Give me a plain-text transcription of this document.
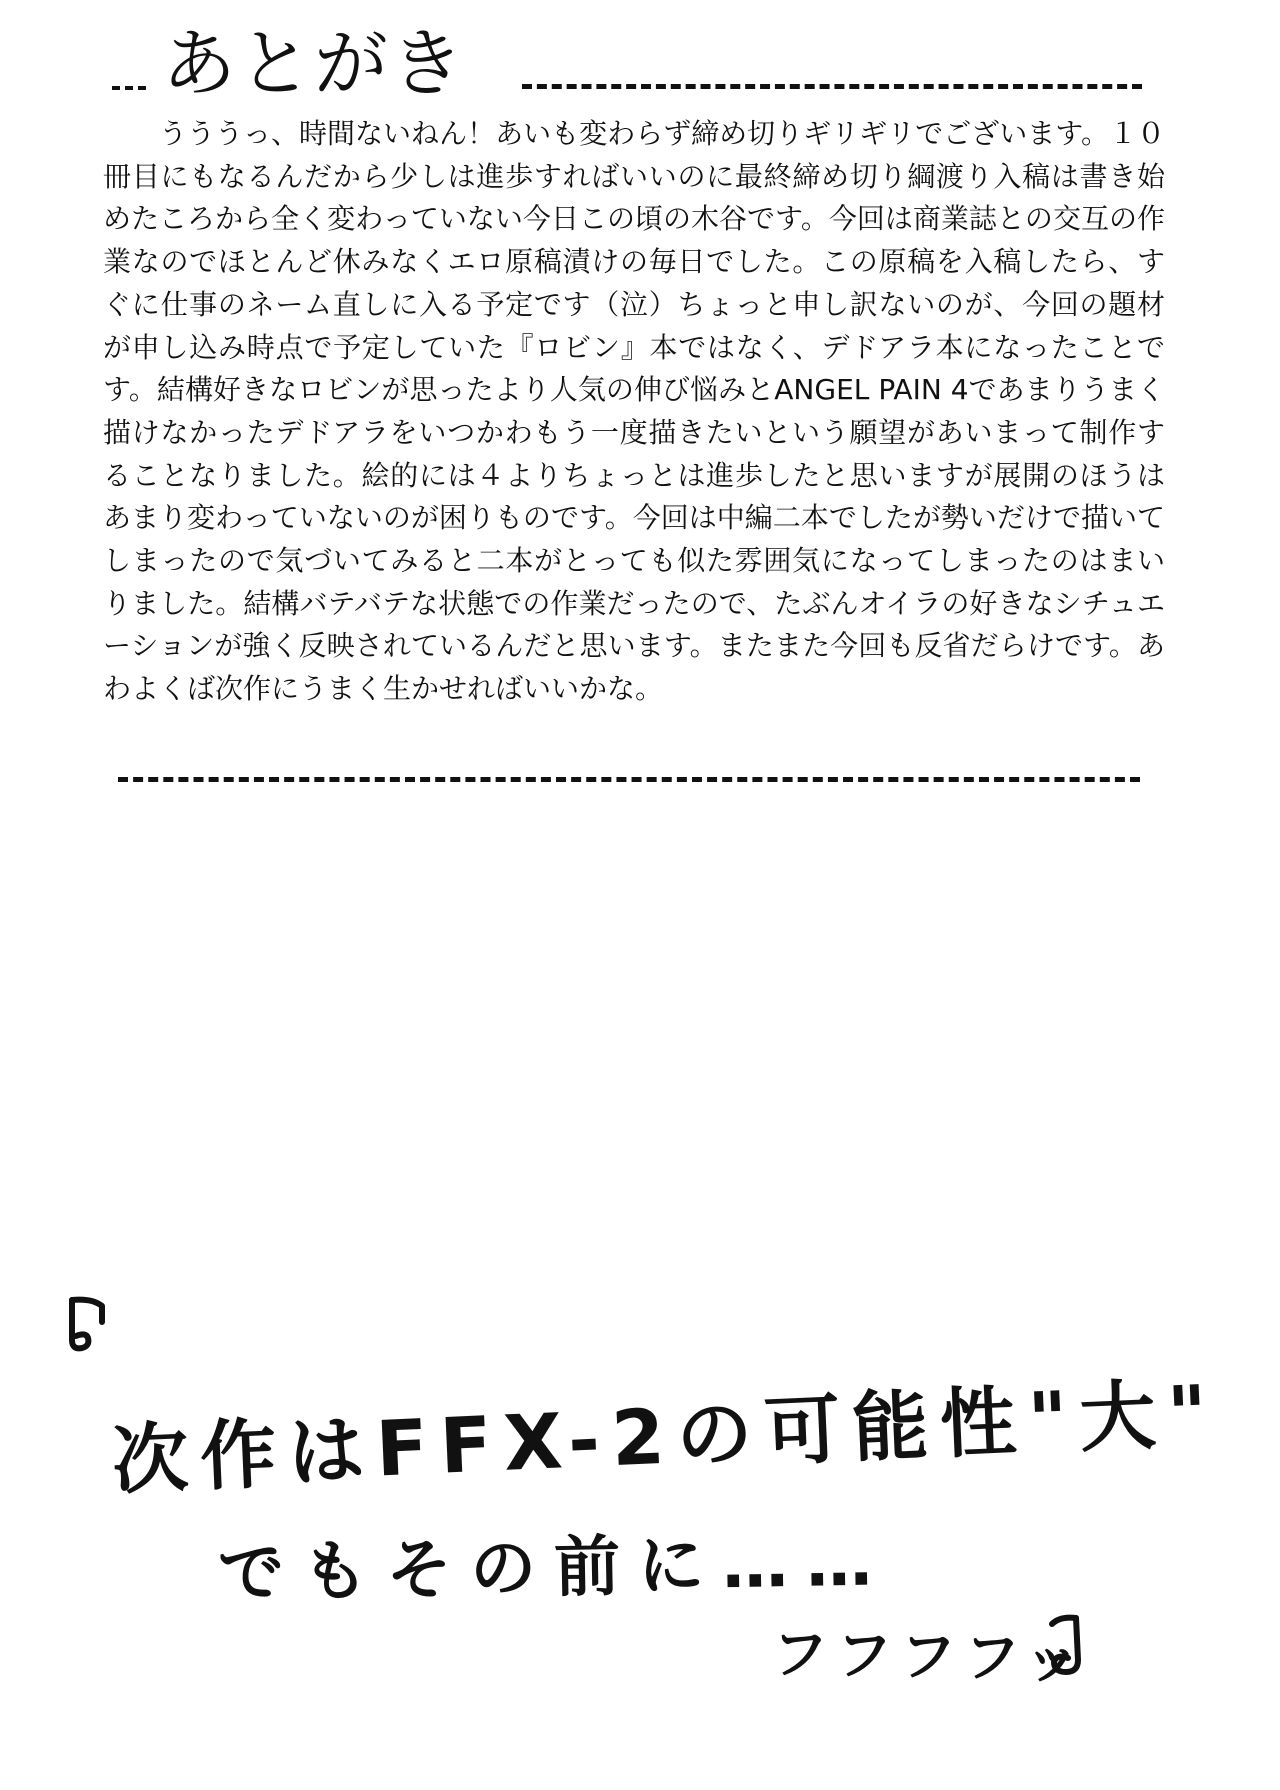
あとがき
うううっ、時間ないねん！あいも変わらず締め切りギリギリでございます。１０冊目にもなるんだから少しは進歩すればいいのに最終締め切り綱渡り入稿は書き始めたころから全く変わっていない今日この頃の木谷です。今回は商業誌との交互の作業なのでほとんど休みなくエロ原稿漬けの毎日でした。この原稿を入稿したら、すぐに仕事のネーム直しに入る予定です（泣）ちょっと申し訳ないのが、今回の題材が申し込み時点で予定していた『ロビン』本ではなく、デドアラ本になったことです。結構好きなロビンが思ったより人気の伸び悩みとANGEL PAIN 4であまりうまく描けなかったデドアラをいつかわもう一度描きたいという願望があいまって制作することなりました。絵的には４よりちょっとは進歩したと思いますが展開のほうはあまり変わっていないのが困りものです。今回は中編二本でしたが勢いだけで描いてしまったので気づいてみると二本がとっても似た雰囲気になってしまったのはまいりました。結構バテバテな状態での作業だったので、たぶんオイラの好きなシチュエーションが強く反映されているんだと思います。またまた今回も反省だらけです。あわよくば次作にうまく生かせればいいかな。
次作はFFX-2の可能性"大"
でもその前に……
フフフフッ
